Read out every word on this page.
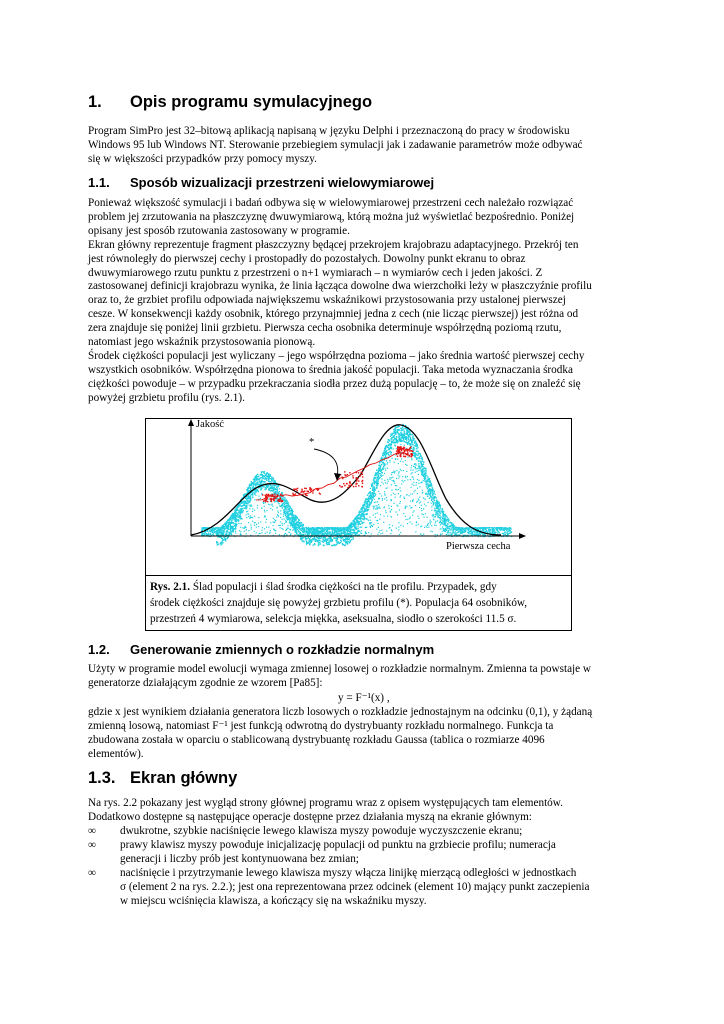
1. Opis programu symulacyjnego
Program SimPro jest 32–bitową aplikacją napisaną w języku Delphi i przeznaczoną do pracy w środowisku
Windows 95 lub Windows NT. Sterowanie przebiegiem symulacji jak i zadawanie parametrów może odbywać
się w większości przypadków przy pomocy myszy.
1.1. Sposób wizualizacji przestrzeni wielowymiarowej
Ponieważ większość symulacji i badań odbywa się w wielowymiarowej przestrzeni cech należało rozwiązać
problem jej zrzutowania na płaszczyznę dwuwymiarową, którą można już wyświetlać bezpośrednio. Poniżej
opisany jest sposób rzutowania zastosowany w programie.
Ekran główny reprezentuje fragment płaszczyzny będącej przekrojem krajobrazu adaptacyjnego. Przekrój ten
jest równoległy do pierwszej cechy i prostopadły do pozostałych. Dowolny punkt ekranu to obraz
dwuwymiarowego rzutu punktu z przestrzeni o n+1 wymiarach – n wymiarów cech i jeden jakości. Z
zastosowanej definicji krajobrazu wynika, że linia łącząca dowolne dwa wierzchołki leży w płaszczyźnie profilu
oraz to, że grzbiet profilu odpowiada największemu wskaźnikowi przystosowania przy ustalonej pierwszej
cesze. W konsekwencji każdy osobnik, którego przynajmniej jedna z cech (nie licząc pierwszej) jest różna od
zera znajduje się poniżej linii grzbietu. Pierwsza cecha osobnika determinuje współrzędną poziomą rzutu,
natomiast jego wskaźnik przystosowania pionową.
Środek ciężkości populacji jest wyliczany – jego współrzędna pozioma – jako średnia wartość pierwszej cechy
wszystkich osobników. Współrzędna pionowa to średnia jakość populacji. Taka metoda wyznaczania środka
ciężkości powoduje – w przypadku przekraczania siodła przez dużą populację – to, że może się on znaleźć się
powyżej grzbietu profilu (rys. 2.1).
Jakość
Pierwsza cecha
*
Rys. 2.1. Ślad populacji i ślad środka ciężkości na tle profilu. Przypadek, gdy
środek ciężkości znajduje się powyżej grzbietu profilu (*). Populacja 64 osobników,
przestrzeń 4 wymiarowa, selekcja miękka, aseksualna, siodło o szerokości 11.5 σ.
1.2. Generowanie zmiennych o rozkładzie normalnym
Użyty w programie model ewolucji wymaga zmiennej losowej o rozkładzie normalnym. Zmienna ta powstaje w
generatorze działającym zgodnie ze wzorem [Pa85]:
y = F⁻¹(x) ,
gdzie x jest wynikiem działania generatora liczb losowych o rozkładzie jednostajnym na odcinku (0,1), y żądaną
zmienną losową, natomiast F⁻¹ jest funkcją odwrotną do dystrybuanty rozkładu normalnego. Funkcja ta
zbudowana została w oparciu o stablicowaną dystrybuantę rozkładu Gaussa (tablica o rozmiarze 4096
elementów).
1.3. Ekran główny
Na rys. 2.2 pokazany jest wygląd strony głównej programu wraz z opisem występujących tam elementów.
Dodatkowo dostępne są następujące operacje dostępne przez działania myszą na ekranie głównym:
∞ dwukrotne, szybkie naciśnięcie lewego klawisza myszy powoduje wyczyszczenie ekranu;
∞ prawy klawisz myszy powoduje inicjalizację populacji od punktu na grzbiecie profilu; numeracja
generacji i liczby prób jest kontynuowana bez zmian;
∞ naciśnięcie i przytrzymanie lewego klawisza myszy włącza linijkę mierzącą odległości w jednostkach
σ (element 2 na rys. 2.2.); jest ona reprezentowana przez odcinek (element 10) mający punkt zaczepienia
w miejscu wciśnięcia klawisza, a kończący się na wskaźniku myszy.
